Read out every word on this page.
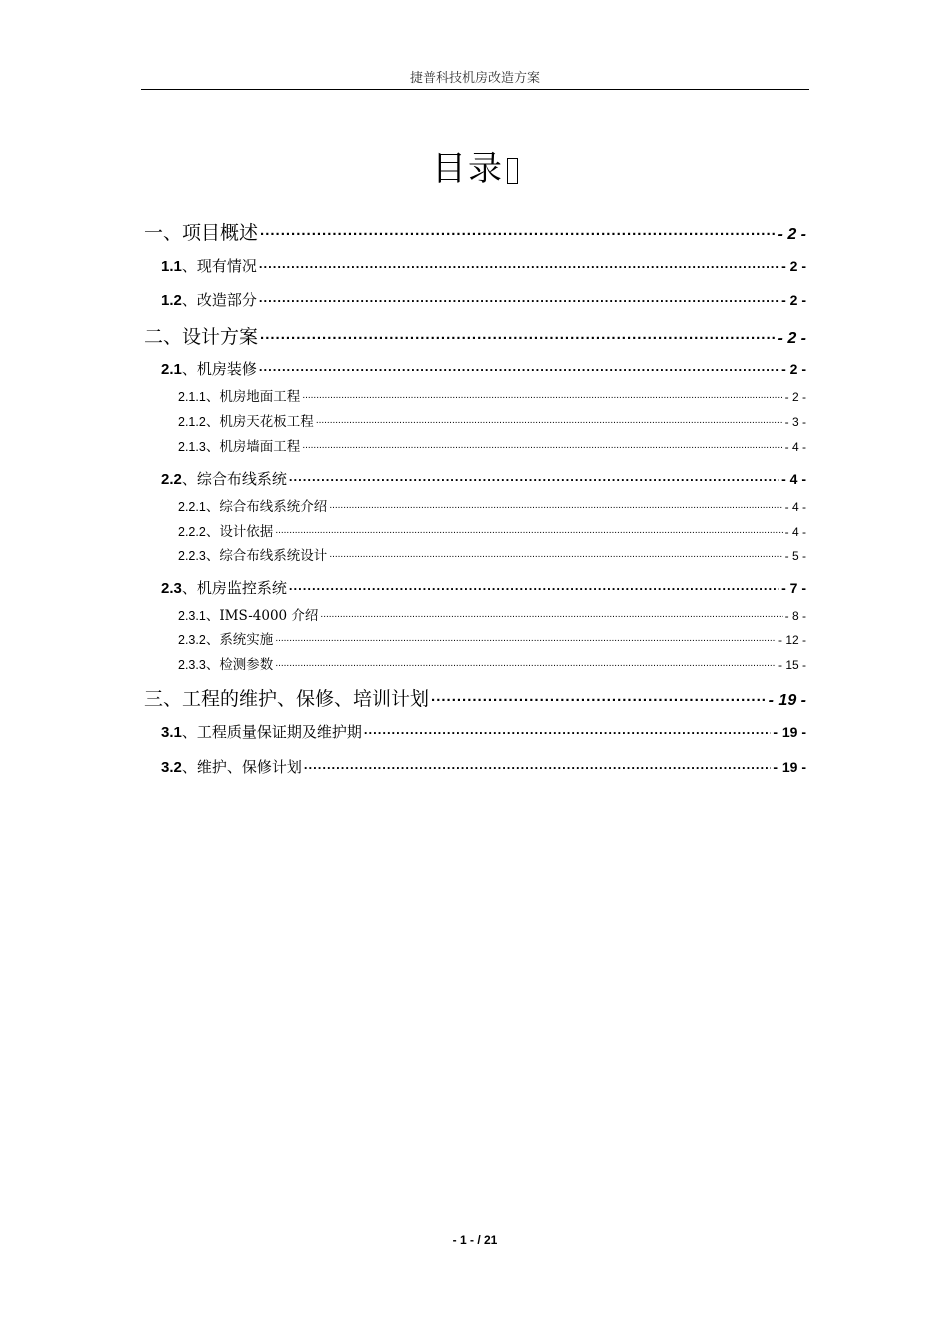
捷普科技机房改造方案
目录
一、项目概述 .....	- 2 -
1.1、现有情况 .....	- 2 -
1.2、改造部分 .....	- 2 -
二、设计方案 .....	- 2 -
2.1、机房装修 .....	- 2 -
2.1.1、机房地面工程 .....	- 2 -
2.1.2、机房天花板工程 .....	- 3 -
2.1.3、机房墙面工程 .....	- 4 -
2.2、综合布线系统 .....	- 4 -
2.2.1、综合布线系统介绍 .....	- 4 -
2.2.2、设计依据 .....	- 4 -
2.2.3、综合布线系统设计 .....	- 5 -
2.3、机房监控系统 .....	- 7 -
2.3.1、IMS-4000 介绍 .....	- 8 -
2.3.2、系统实施 .....	- 12 -
2.3.3、检测参数 .....	- 15 -
三、工程的维护、保修、培训计划 .....	- 19 -
3.1、工程质量保证期及维护期 .....	- 19 -
3.2、维护、保修计划 .....	- 19 -
- 1 - / 21
